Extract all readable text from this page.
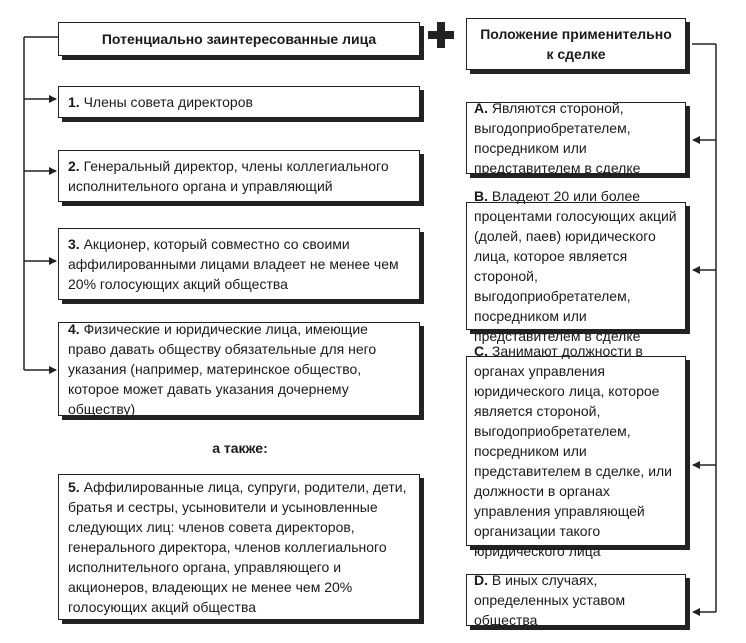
Потенциально заинтересованные лица	Положение применительно к сделке
1. Члены совета директоров
2. Генеральный директор, члены коллегиального исполнительного органа и управляющий
3. Акционер, который совместно со своими аффилированными лицами владеет не менее чем 20% голосующих акций общества
4. Физические и юридические лица, имеющие право давать обществу обязательные для него указания (например, материнское общество, которое может давать указания дочернему обществу)
а также:
5. Аффилированные лица, супруги, родители, дети, братья и сестры, усыновители и усыновленные следующих лиц: членов совета директоров, генерального директора, членов коллегиального исполнительного органа, управляющего и акционеров, владеющих не менее чем 20% голосующих акций общества
A. Являются стороной, выгодоприобретателем, посредником или представителем в сделке
B. Владеют 20 или более процентами голосующих акций (долей, паев) юридического лица, которое является стороной, выгодоприобретателем, посредником или представителем в сделке
C. Занимают должности в органах управления юридического лица, которое является стороной, выгодоприобретателем, посредником или представителем в сделке, или должности в органах управления управляющей организации такого юридического лица
D. В иных случаях, определенных уставом общества
